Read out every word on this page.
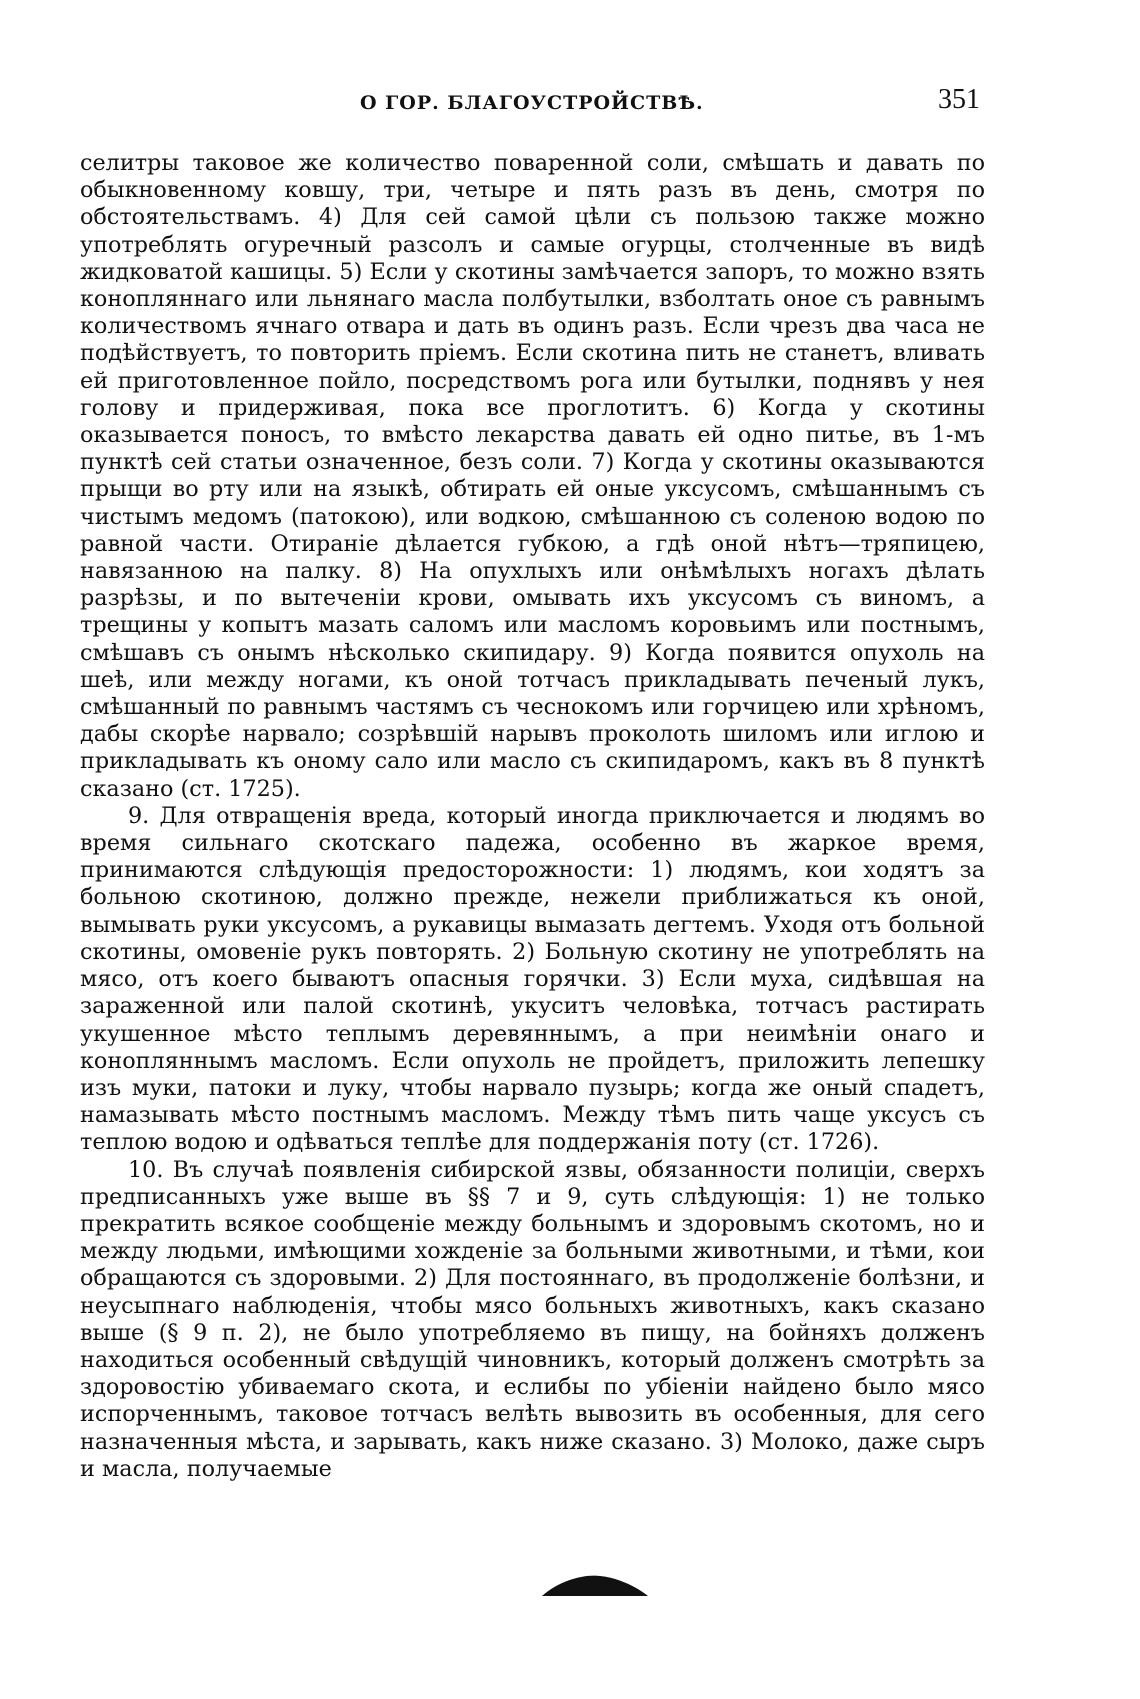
О ГОР. БЛАГОУСТРОЙСТВѢ.	351

селитры таковое же количество поваренной соли, смѣшать и давать по обыкновенному ковшу, три, четыре и пять разъ въ день, смотря по обстоятельствамъ. 4) Для сей самой цѣли съ пользою также можно употреблять огуречный разсолъ и самые огурцы, столченные въ видѣ жидковатой кашицы. 5) Если у скотины замѣчается запоръ, то можно взять конопляннаго или льнянаго масла полбутылки, взболтать оное съ равнымъ количествомъ ячнаго отвара и дать въ одинъ разъ. Если чрезъ два часа не подѣйствуетъ, то повторить пріемъ. Если скотина пить не станетъ, вливать ей приготовленное пойло, посредствомъ рога или бутылки, поднявъ у нея голову и придерживая, пока все проглотитъ. 6) Когда у скотины оказывается поносъ, то вмѣсто лекарства давать ей одно питье, въ 1-мъ пунктѣ сей статьи означенное, безъ соли. 7) Когда у скотины оказываются прыщи во рту или на языкѣ, обтирать ей оные уксусомъ, смѣшаннымъ съ чистымъ медомъ (патокою), или водкою, смѣшанною съ соленою водою по равной части. Отираніе дѣлается губкою, а гдѣ оной нѣтъ—тряпицею, навязанною на палку. 8) На опухлыхъ или онѣмѣлыхъ ногахъ дѣлать разрѣзы, и по вытеченіи крови, омывать ихъ уксусомъ съ виномъ, а трещины у копытъ мазать саломъ или масломъ коровьимъ или постнымъ, смѣшавъ съ онымъ нѣсколько скипидару. 9) Когда появится опухоль на шеѣ, или между ногами, къ оной тотчасъ прикладывать печеный лукъ, смѣшанный по равнымъ частямъ съ чеснокомъ или горчицею или хрѣномъ, дабы скорѣе нарвало; созрѣвшій нарывъ проколоть шиломъ или иглою и прикладывать къ оному сало или масло съ скипидаромъ, какъ въ 8 пунктѣ сказано (ст. 1725).

9. Для отвращенія вреда, который иногда приключается и людямъ во время сильнаго скотскаго падежа, особенно въ жаркое время, принимаются слѣдующія предосторожности: 1) людямъ, кои ходятъ за больною скотиною, должно прежде, нежели приближаться къ оной, вымывать руки уксусомъ, а рукавицы вымазать дегтемъ. Уходя отъ больной скотины, омовеніе рукъ повторять. 2) Больную скотину не употреблять на мясо, отъ коего бываютъ опасныя горячки. 3) Если муха, сидѣвшая на зараженной или палой скотинѣ, укуситъ человѣка, тотчасъ растирать укушенное мѣсто теплымъ деревяннымъ, а при неимѣніи онаго и конопляннымъ масломъ. Если опухоль не пройдетъ, приложить лепешку изъ муки, патоки и луку, чтобы нарвало пузырь; когда же оный спадетъ, намазывать мѣсто постнымъ масломъ. Между тѣмъ пить чаще уксусъ съ теплою водою и одѣваться теплѣе для поддержанія поту (ст. 1726).

10. Въ случаѣ появленія сибирской язвы, обязанности полиціи, сверхъ предписанныхъ уже выше въ §§ 7 и 9, суть слѣдующія: 1) не только прекратить всякое сообщеніе между больнымъ и здоровымъ скотомъ, но и между людьми, имѣющими хожденіе за больными животными, и тѣми, кои обращаются съ здоровыми. 2) Для постояннаго, въ продолженіе болѣзни, и неусыпнаго наблюденія, чтобы мясо больныхъ животныхъ, какъ сказано выше (§ 9 п. 2), не было употребляемо въ пищу, на бойняхъ долженъ находиться особенный свѣдущій чиновникъ, который долженъ смотрѣть за здоровостію убиваемаго скота, и еслибы по убіеніи найдено было мясо испорченнымъ, таковое тотчасъ велѣть вывозить въ особенныя, для сего назначенныя мѣста, и зарывать, какъ ниже сказано. 3) Молоко, даже сыръ и масла, получаемые
